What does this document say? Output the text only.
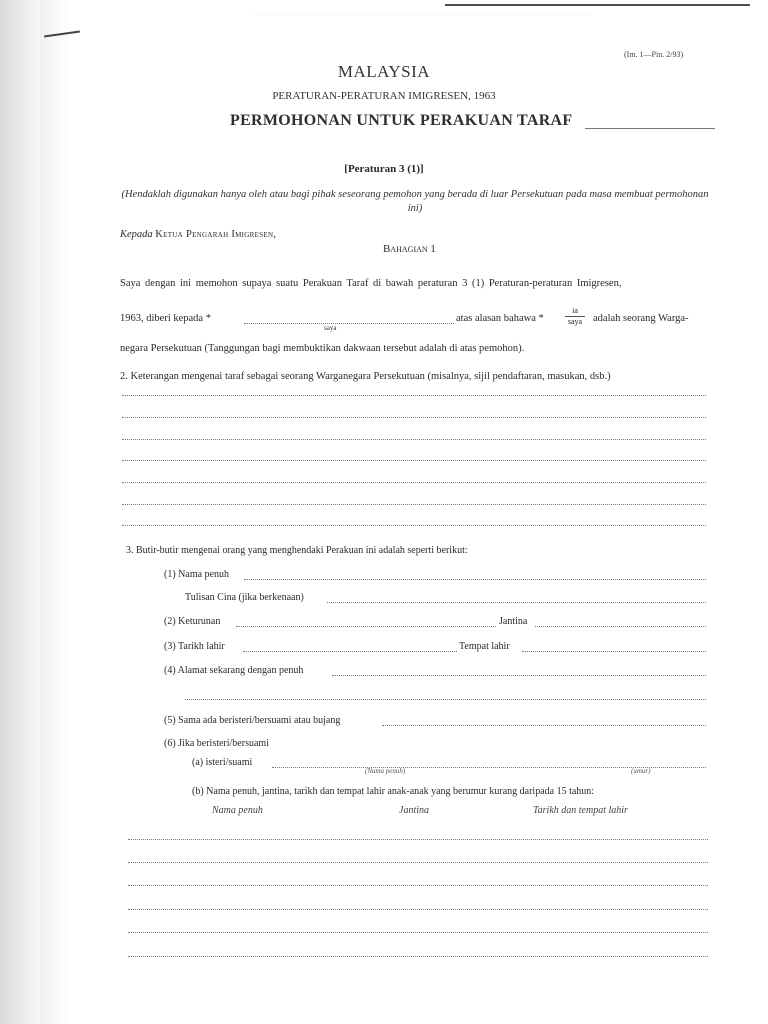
(Im. 1—Pin. 2/93)
MALAYSIA
PERATURAN-PERATURAN IMIGRESEN, 1963
PERMOHONAN UNTUK PERAKUAN TARAF
[Peraturan 3 (1)]
(Hendaklah digunakan hanya oleh atau bagi pihak seseorang pemohon yang berada di luar Persekutuan pada masa membuat permohonan ini)
Kepada Ketua Pengarah Imigresen,
Bahagian 1
Saya dengan ini memohon supaya suatu Perakuan Taraf di bawah peraturan 3 (1) Peraturan-peraturan Imigresen,
1963, diberi kepada *
saya
atas alasan bahawa *
ia
saya adalah seorang Warga-
negara Persekutuan (Tanggungan bagi membuktikan dakwaan tersebut adalah di atas pemohon).
2. Keterangan mengenai taraf sebagai seorang Warganegara Persekutuan (misalnya, sijil pendaftaran, masukan, dsb.)
3. Butir-butir mengenai orang yang menghendaki Perakuan ini adalah seperti berikut:
(1) Nama penuh
Tulisan Cina (jika berkenaan)
(2) Keturunan	Jantina
(3) Tarikh lahir	Tempat lahir
(4) Alamat sekarang dengan penuh
(5) Sama ada beristeri/bersuami atau bujang
(6) Jika beristeri/bersuami
(a) isteri/suami
(Nama penuh)	(umur)
(b) Nama penuh, jantina, tarikh dan tempat lahir anak-anak yang berumur kurang daripada 15 tahun:
Nama penuh	Jantina	Tarikh dan tempat lahir
